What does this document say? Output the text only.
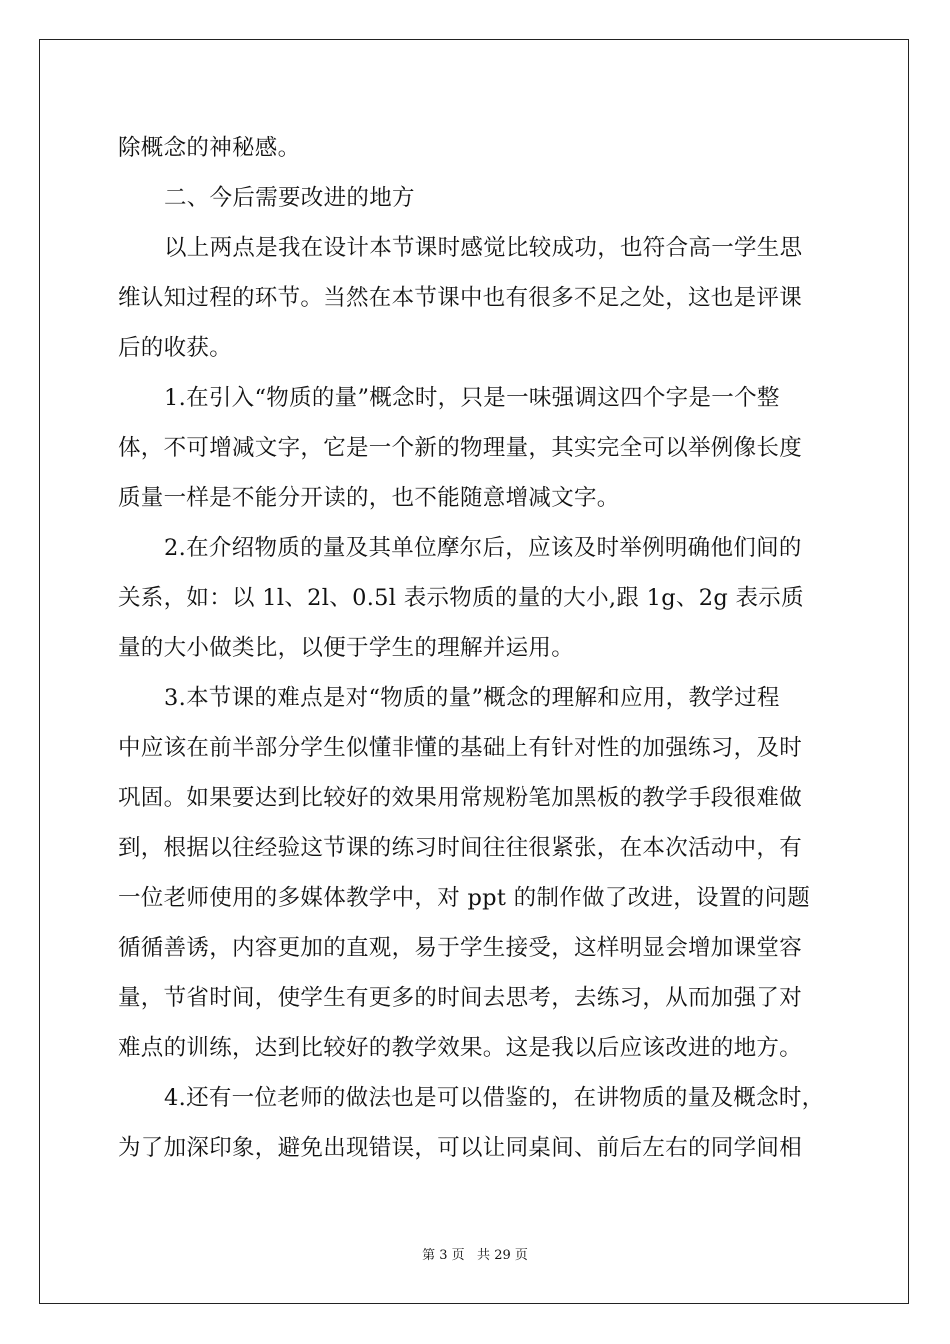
除概念的神秘感。
二、今后需要改进的地方
以上两点是我在设计本节课时感觉比较成功，也符合高一学生思
维认知过程的环节。当然在本节课中也有很多不足之处，这也是评课
后的收获。
1.在引入“物质的量”概念时，只是一味强调这四个字是一个整
体，不可增减文字，它是一个新的物理量，其实完全可以举例像长度
质量一样是不能分开读的，也不能随意增减文字。
2.在介绍物质的量及其单位摩尔后，应该及时举例明确他们间的
关系，如：以 1l、2l、0.5l 表示物质的量的大小,跟 1g、2g 表示质
量的大小做类比，以便于学生的理解并运用。
3.本节课的难点是对“物质的量”概念的理解和应用，教学过程
中应该在前半部分学生似懂非懂的基础上有针对性的加强练习，及时
巩固。如果要达到比较好的效果用常规粉笔加黑板的教学手段很难做
到，根据以往经验这节课的练习时间往往很紧张，在本次活动中，有
一位老师使用的多媒体教学中，对 ppt 的制作做了改进，设置的问题
循循善诱，内容更加的直观，易于学生接受，这样明显会增加课堂容
量，节省时间，使学生有更多的时间去思考，去练习，从而加强了对
难点的训练，达到比较好的教学效果。这是我以后应该改进的地方。
4.还有一位老师的做法也是可以借鉴的，在讲物质的量及概念时，
为了加深印象，避免出现错误，可以让同桌间、前后左右的同学间相
第 3 页   共 29 页
